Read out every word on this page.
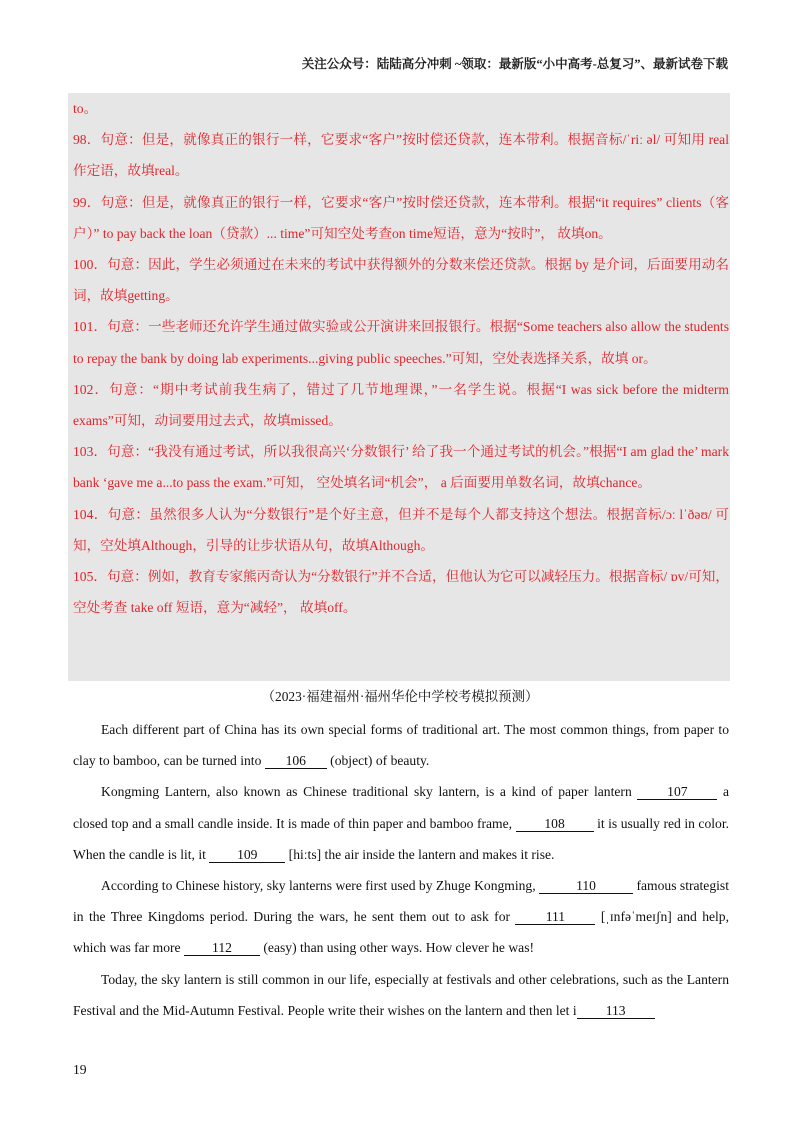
关注公众号：陆陆高分冲刺 ~领取：最新版“小中高考-总复习”、最新试卷下载

to。

98．句意：但是，就像真正的银行一样，它要求“客户”按时偿还贷款，连本带利。根据音标/ˈriː əl/ 可知用 real 作定语，故填real。

99．句意：但是，就像真正的银行一样，它要求“客户”按时偿还贷款，连本带利。根据“it requires” clients（客户）” to pay back the loan（贷款）... time”可知空处考查on time短语，意为“按时”， 故填on。

100．句意：因此，学生必须通过在未来的考试中获得额外的分数来偿还贷款。根据 by 是介词，后面要用动名词，故填getting。

101．句意：一些老师还允许学生通过做实验或公开演讲来回报银行。根据“Some teachers also allow the students to repay the bank by doing lab experiments...giving public speeches.”可知，空处表选择关系，故填 or。

102．句意：“期中考试前我生病了，错过了几节地理课，”一名学生说。根据“I was sick before the midterm exams”可知，动词要用过去式，故填missed。

103．句意：“我没有通过考试，所以我很高兴‘分数银行’ 给了我一个通过考试的机会。”根据“I am glad the’ mark bank ‘gave me a...to pass the exam.”可知， 空处填名词“机会”， a 后面要用单数名词，故填chance。

104．句意：虽然很多人认为“分数银行”是个好主意，但并不是每个人都支持这个想法。根据音标/ɔː lˈðəʊ/ 可知，空处填Although，引导的让步状语从句，故填Although。

105．句意：例如，教育专家熊丙奇认为“分数银行”并不合适，但他认为它可以减轻压力。根据音标/ ɒv/可知，空处考查 take off 短语，意为“减轻”， 故填off。

（2023·福建福州·福州华伦中学校考模拟预测）

Each different part of China has its own special forms of traditional art. The most common things, from paper to clay to bamboo, can be turned into 106 (object) of beauty.

Kongming Lantern, also known as Chinese traditional sky lantern, is a kind of paper lantern 107 a closed top and a small candle inside. It is made of thin paper and bamboo frame, 108 it is usually red in color. When the candle is lit, it 109 [hiːts] the air inside the lantern and makes it rise.

According to Chinese history, sky lanterns were first used by Zhuge Kongming,	110	famous strategist in the Three Kingdoms period. During the wars, he sent them out to ask for 111 [ˌɪnfəˈmeɪʃn] and help, which was far more 112 (easy) than using other ways. How clever he was!

Today, the sky lantern is still common in our life, especially at festivals and other celebrations, such as the Lantern Festival and the Mid-Autumn Festival. People write their wishes on the lantern and then let i 113

19
